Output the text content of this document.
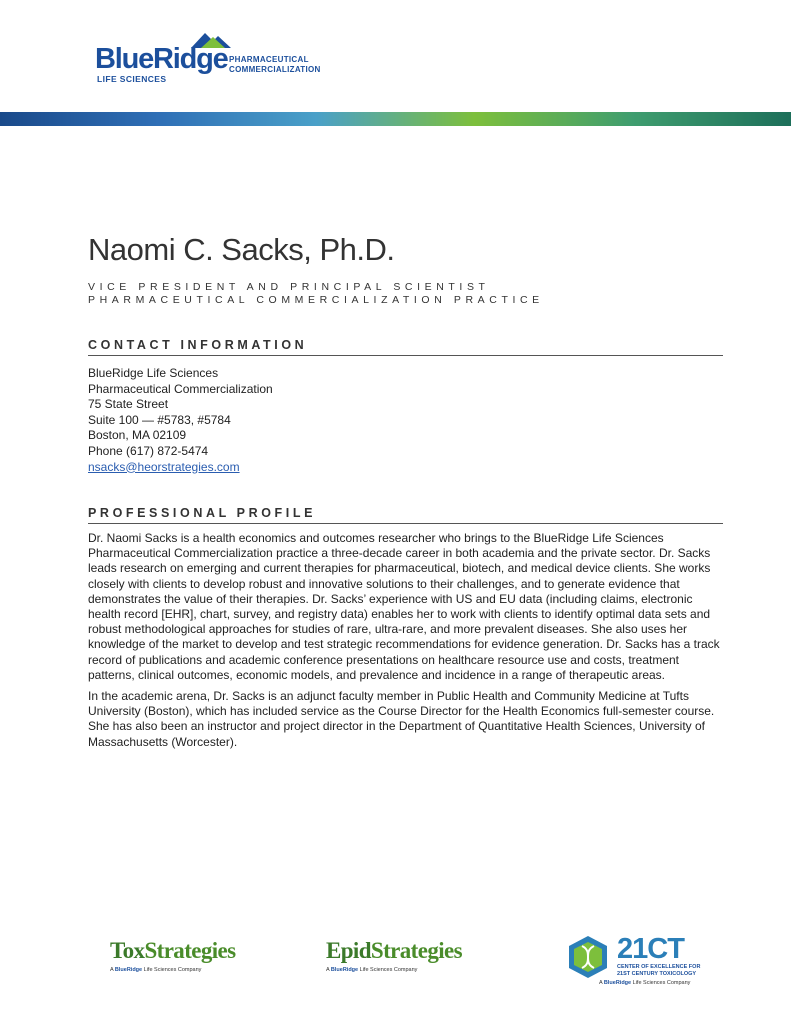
BlueRidge
LIFE SCIENCES
PHARMACEUTICAL
COMMERCIALIZATION
Naomi C. Sacks, Ph.D.
VICE PRESIDENT AND PRINCIPAL SCIENTIST
PHARMACEUTICAL COMMERCIALIZATION PRACTICE
CONTACT INFORMATION
BlueRidge Life Sciences
Pharmaceutical Commercialization
75 State Street
Suite 100 — #5783, #5784
Boston, MA 02109
Phone (617) 872-5474
nsacks@heorstrategies.com
PROFESSIONAL PROFILE

Dr. Naomi Sacks is a health economics and outcomes researcher who brings to the BlueRidge Life Sciences Pharmaceutical Commercialization practice a three-decade career in both academia and the private sector. Dr. Sacks leads research on emerging and current therapies for pharmaceutical, biotech, and medical device clients. She works closely with clients to develop robust and innovative solutions to their challenges, and to generate evidence that demonstrates the value of their therapies. Dr. Sacks’ experience with US and EU data (including claims, electronic health record [EHR], chart, survey, and registry data) enables her to work with clients to identify optimal data sets and robust methodological approaches for studies of rare, ultra-rare, and more prevalent diseases. She also uses her knowledge of the market to develop and test strategic recommendations for evidence generation. Dr. Sacks has a track record of publications and academic conference presentations on healthcare resource use and costs, treatment patterns, clinical outcomes, economic models, and prevalence and incidence in a range of therapeutic areas.

In the academic arena, Dr. Sacks is an adjunct faculty member in Public Health and Community Medicine at Tufts University (Boston), which has included service as the Course Director for the Health Economics full-semester course. She has also been an instructor and project director in the Department of Quantitative Health Sciences, University of Massachusetts (Worcester).

ToxStrategies
A BlueRidge Life Sciences Company
EpidStrategies
A BlueRidge Life Sciences Company
21CT
CENTER OF EXCELLENCE FOR
21ST CENTURY TOXICOLOGY
A BlueRidge Life Sciences Company
